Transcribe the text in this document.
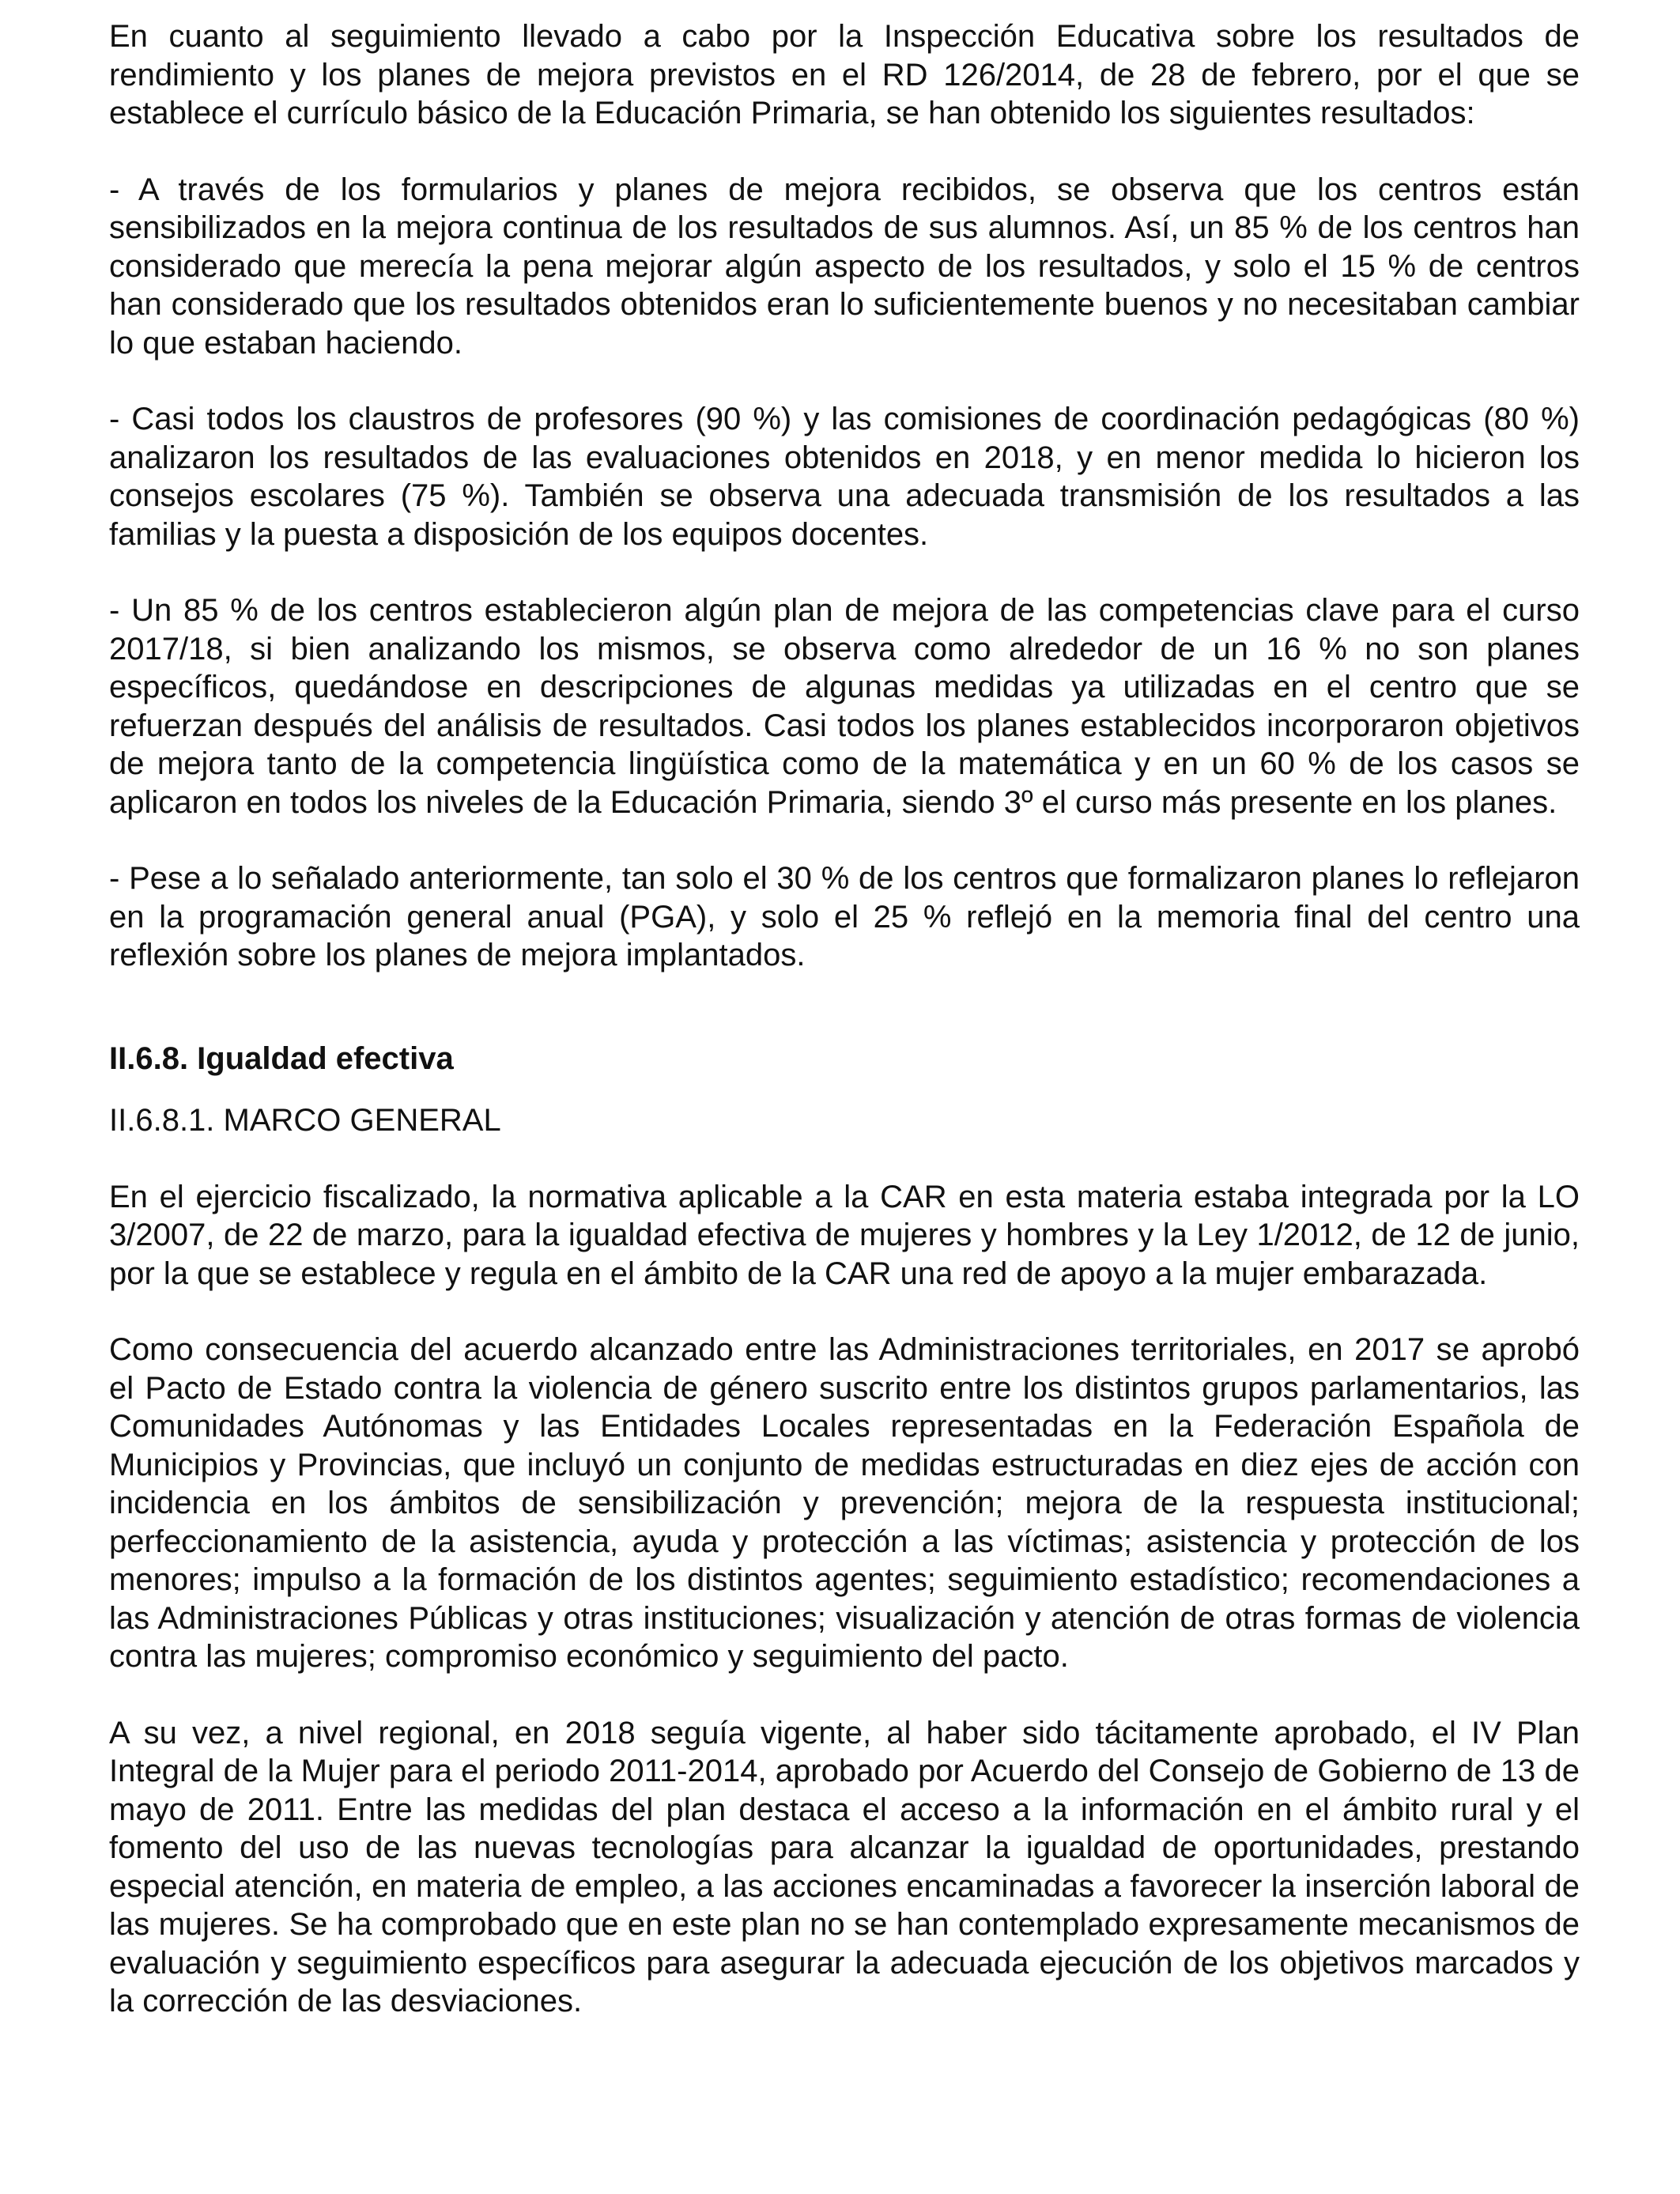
En cuanto al seguimiento llevado a cabo por la Inspección Educativa sobre los resultados de rendimiento y los planes de mejora previstos en el RD 126/2014, de 28 de febrero, por el que se establece el currículo básico de la Educación Primaria, se han obtenido los siguientes resultados:

- A través de los formularios y planes de mejora recibidos, se observa que los centros están sensibilizados en la mejora continua de los resultados de sus alumnos. Así, un 85 % de los centros han considerado que merecía la pena mejorar algún aspecto de los resultados, y solo el 15 % de centros han considerado que los resultados obtenidos eran lo suficientemente buenos y no necesitaban cambiar lo que estaban haciendo.

- Casi todos los claustros de profesores (90 %) y las comisiones de coordinación pedagógicas (80 %) analizaron los resultados de las evaluaciones obtenidos en 2018, y en menor medida lo hicieron los consejos escolares (75 %). También se observa una adecuada transmisión de los resultados a las familias y la puesta a disposición de los equipos docentes.

- Un 85 % de los centros establecieron algún plan de mejora de las competencias clave para el curso 2017/18, si bien analizando los mismos, se observa como alrededor de un 16 % no son planes específicos, quedándose en descripciones de algunas medidas ya utilizadas en el centro que se refuerzan después del análisis de resultados. Casi todos los planes establecidos incorporaron objetivos de mejora tanto de la competencia lingüística como de la matemática y en un 60 % de los casos se aplicaron en todos los niveles de la Educación Primaria, siendo 3º el curso más presente en los planes.

- Pese a lo señalado anteriormente, tan solo el 30 % de los centros que formalizaron planes lo reflejaron en la programación general anual (PGA), y solo el 25 % reflejó en la memoria final del centro una reflexión sobre los planes de mejora implantados.

II.6.8. Igualdad efectiva

II.6.8.1. MARCO GENERAL

En el ejercicio fiscalizado, la normativa aplicable a la CAR en esta materia estaba integrada por la LO 3/2007, de 22 de marzo, para la igualdad efectiva de mujeres y hombres y la Ley 1/2012, de 12 de junio, por la que se establece y regula en el ámbito de la CAR una red de apoyo a la mujer embarazada.

Como consecuencia del acuerdo alcanzado entre las Administraciones territoriales, en 2017 se aprobó el Pacto de Estado contra la violencia de género suscrito entre los distintos grupos parlamentarios, las Comunidades Autónomas y las Entidades Locales representadas en la Federación Española de Municipios y Provincias, que incluyó un conjunto de medidas estructuradas en diez ejes de acción con incidencia en los ámbitos de sensibilización y prevención; mejora de la respuesta institucional; perfeccionamiento de la asistencia, ayuda y protección a las víctimas; asistencia y protección de los menores; impulso a la formación de los distintos agentes; seguimiento estadístico; recomendaciones a las Administraciones Públicas y otras instituciones; visualización y atención de otras formas de violencia contra las mujeres; compromiso económico y seguimiento del pacto.

A su vez, a nivel regional, en 2018 seguía vigente, al haber sido tácitamente aprobado, el IV Plan Integral de la Mujer para el periodo 2011-2014, aprobado por Acuerdo del Consejo de Gobierno de 13 de mayo de 2011. Entre las medidas del plan destaca el acceso a la información en el ámbito rural y el fomento del uso de las nuevas tecnologías para alcanzar la igualdad de oportunidades, prestando especial atención, en materia de empleo, a las acciones encaminadas a favorecer la inserción laboral de las mujeres. Se ha comprobado que en este plan no se han contemplado expresamente mecanismos de evaluación y seguimiento específicos para asegurar la adecuada ejecución de los objetivos marcados y la corrección de las desviaciones.
